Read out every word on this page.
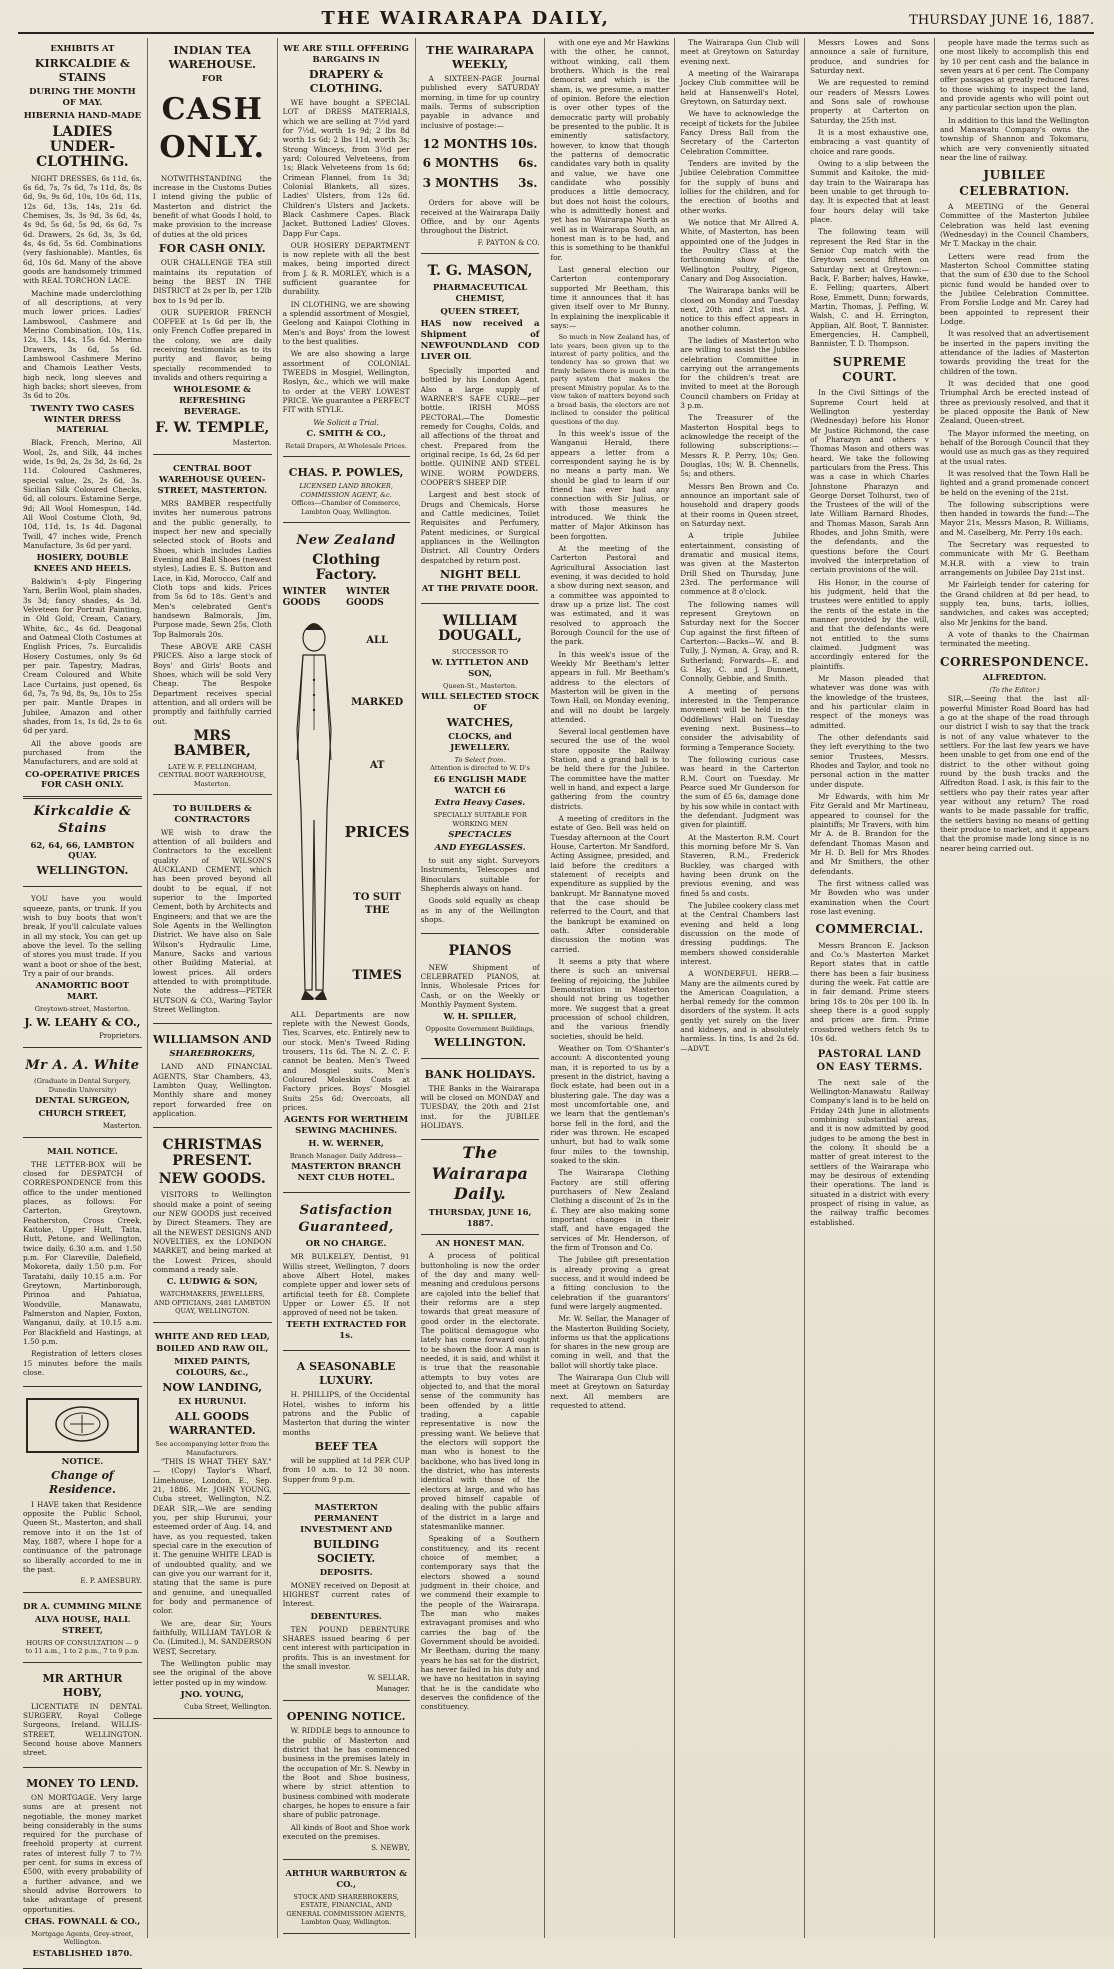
THE WAIRARAPA DAILY,	THURSDAY JUNE 16, 1887.
EXHIBITS AT
KIRKCALDIE & STAINS
DURING THE MONTH OF MAY.
HIBERNIA HAND-MADE
LADIES UNDER-CLOTHING.

NIGHT DRESSES, 6s 11d, 6s, 6s 6d, 7s, 7s 6d, 7s 11d, 8s, 8s 6d, 9s, 9s 6d, 10s, 10s 6d, 11s, 12s 6d, 13s, 14s, 21s 6d. Chemises, 3s, 3s 9d, 3s 6d, 4s, 4s 9d, 5s 6d, 5s 9d, 6s 6d, 7s 6d. Drawers, 2s 6d, 3s, 3s 6d, 4s, 4s 6d, 5s 6d. Combinations (very fashionable). Mantles, 6s 6d, 10s 6d. Many of the above goods are handsomely trimmed with REAL TORCHON LACE.

Machine made underclothing of all descriptions, at very much lower prices. Ladies' Lambswool, Cashmere and Merino Combination, 10s, 11s, 12s, 13s, 14s, 15s 6d. Merino Drawers, 3s 6d, 5s 6d. Lambswool Cashmere Merino and Chamois Leather Vests, high neck, long sleeves and high backs; short sleeves, from 3s 6d to 20s.

TWENTY TWO CASES WINTER DRESS MATERIAL

Black, French, Merino, All Wool, 2s, and Silk, 44 inches wide, 1s 9d, 2s, 2s 3d, 2s 6d, 2s 11d. Coloured Cashmeres, special value, 2s, 2s 6d, 3s. Sicilian Silk Coloured Checks, 6d, all colours. Estamine Serge, 9d; All Wool Homespun, 14d. All Wool Costume Cloth, 9d, 10d, 11d, 1s, 1s 4d. Dagonal Twill, 47 inches wide, French Manufacture, 3s 6d per yard.

HOSIERY, DOUBLE KNEES AND HEELS.

Baldwin's 4-ply Fingering Yarn, Berlin Wool, plain shades, 3s 3d; fancy shades, 4s 3d. Velveteen for Portrait Painting, in Old Gold, Cream, Canary, White, &c., 4s 6d. Deagonal and Oatmeal Cloth Costumes at English Prices, 7s. Eurcalidis Hosery Costumes, only 9s 6d per pair. Tapestry, Madras, Cream Coloured and White Lace Curtains, just opened, 6s 6d, 7s, 7s 9d, 8s, 9s, 10s to 25s per pair. Mantle Drapes in Jubilee, Amazon and other shades, from 1s, 1s 6d, 2s to 6s 6d per yard.

All the above goods are purchased from the Manufacturers, and are sold at

CO-OPERATIVE PRICES FOR CASH ONLY.
Kirkcaldie & Stains
62, 64, 66, LAMBTON QUAY.
WELLINGTON.

YOU have you would squeeze, pants, or trunk. If you wish to buy boots that won't break, If you'll calculate values in all my stock, You can get up above the level. To the selling of stores you must trade. If you want a boot or shoe of the best, Try a pair of our brands.

ANAMORTIC BOOT MART.
Greytown-street, Masterton.
J. W. LEAHY & CO.,
Proprietors.
Mr A. A. White
(Graduate in Dental Surgery, Dunedin University)
DENTAL SURGEON,
CHURCH STREET,
Masterton.
MAIL NOTICE.

THE LETTER-BOX will be closed for DESPATCH of CORRESPONDENCE from this office to the under mentioned places, as follows: For Carterton, Greytown, Featherston, Cross Creek, Kaitoke, Upper Hutt, Taita, Hutt, Petone, and Wellington, twice daily, 6.30 a.m. and 1.50 p.m. For Clareville, Dalefield, Mokoreta, daily 1.50 p.m. For Taratahi, daily 10.15 a.m. For Greytown, Martinborough, Pirinoa and Pahiatua, Woodville, Manawatu, Palmerston and Napier, Foxton, Wanganui, daily, at 10.15 a.m. For Blackfield and Hastings, at 1.50 p.m.

Registration of letters closes 15 minutes before the mails close.

NOTICE.
Change of Residence.

I HAVE taken that Residence opposite the Public School, Queen St., Masterton, and shall remove into it on the 1st of May, 1887, where I hope for a continuance of the patronage so liberally accorded to me in the past.

E. P. AMESBURY.
DR A. CUMMING MILNE
ALVA HOUSE, HALL STREET,
HOURS OF CONSULTATION — 9 to 11 a.m., 1 to 2 p.m., 7 to 9 p.m.
MR ARTHUR HOBY,

LICENTIATE IN DENTAL SURGERY, Royal College Surgeons, Ireland. WILLIS-STREET, WELLINGTON. Second house above Manners street.

MONEY TO LEND.

ON MORTGAGE. Very large sums are at present not negotiable, the money market being considerably in the sums required for the purchase of freehold property at current rates of interest fully 7 to 7½ per cent. for sums in excess of £500, with every probability of a further advance, and we should advise Borrowers to take advantage of present opportunities.

CHAS. FOWNALL & CO.,
Mortgage Agents, Grey-street, Wellington.
ESTABLISHED 1870.
INDIAN TEA WAREHOUSE.
FOR
CASH ONLY.

NOTWITHSTANDING the increase in the Customs Duties I intend giving the public of Masterton and district the benefit of what Goods I hold, to make provision to the increase of duties at the old prices

FOR CASH ONLY.

OUR CHALLENGE TEA still maintains its reputation of being the BEST IN THE DISTRICT at 2s per lb, per 12lb box to 1s 9d per lb.

OUR SUPERIOR FRENCH COFFEE at 1s 6d per lb, the only French Coffee prepared in the colony, we are daily receiving testimonials as to its purity and flavor, being specially recommended to invalids and others requiring a

WHOLESOME & REFRESHING BEVERAGE.
F. W. TEMPLE,
Masterton.
CENTRAL BOOT WAREHOUSE QUEEN-STREET, MASTERTON.

MRS BAMBER respectfully invites her numerous patrons and the public generally, to inspect her new and specially selected stock of Boots and Shoes, which includes Ladies Evening and Ball Shoes (newest styles), Ladies E. S. Button and Lace, in Kid, Morocco, Calf and Cloth tops and kids. Prices from 5s 6d to 18s. Gent's and Men's celebrated Gent's handsewn Balmorals, Jim, Purpose made, Sewn 25s, Cloth Top Balmorals 20s.

These ABOVE ARE CASH PRICES. Also a large stock of Boys' and Girls' Boots and Shoes, which will be sold Very Cheap. The Bespoke Department receives special attention, and all orders will be promptly and faithfully carried out.

MRS BAMBER,
LATE W. F. FELLINGHAM, CENTRAL BOOT WAREHOUSE, Masterton.
TO BUILDERS & CONTRACTORS

WE wish to draw the attention of all builders and Contractors to the excellent quality of WILSON'S AUCKLAND CEMENT, which has been proved beyond all doubt to be equal, if not superior to the Imported Cement, both by Architects and Engineers; and that we are the Sole Agents in the Wellington District. We have also on Sale Wilson's Hydraulic Lime, Manure, Sacks and various other Building Material, at lowest prices. All orders attended to with promptitude. Note the address—PETER HUTSON & CO., Waring Taylor Street Wellington.

WILLIAMSON AND
SHAREBROKERS,

LAND AND FINANCIAL AGENTS, Star Chambers, 43, Lambton Quay, Wellington. Monthly share and money report forwarded free on application.

CHRISTMAS PRESENT.
NEW GOODS.

VISITORS to Wellington should make a point of seeing our NEW GOODS just received by Direct Steamers. They are all the NEWEST DESIGNS AND NOVELTIES, ex the LONDON MARKET, and being marked at the Lowest Prices, should command a ready sale.

C. LUDWIG & SON,
WATCHMAKERS, JEWELLERS, AND OPTICIANS, 2481 LAMBTON QUAY, WELLINGTON.
WHITE AND RED LEAD,
BOILED AND RAW OIL,
MIXED PAINTS, COLOURS, &c.,
NOW LANDING,
EX HURUNUI.
ALL GOODS WARRANTED.
See accompanying letter from the Manufacturers.

"THIS IS WHAT THEY SAY." — (Copy) Taylor's Wharf, Limehouse, London, E., Sep. 21, 1886. Mr. JOHN YOUNG, Cuba street, Wellington, N.Z. DEAR SIR,—We are sending you, per ship Hurunui, your esteemed order of Aug. 14, and have, as you requested, taken special care in the execution of it. The genuine WHITE LEAD is of undoubted quality, and we can give you our warrant for it, stating that the same is pure and genuine, and unequalled for body and permanence of color.

We are, dear Sir, Yours faithfully, WILLIAM TAYLOR & Co. (Limited.), M. SANDERSON WEST, Secretary.

The Wellington public may see the original of the above letter posted up in my window.

JNO. YOUNG,
Cuba Street, Wellington.
WE ARE STILL OFFERING BARGAINS IN
DRAPERY & CLOTHING.

WE have bought a SPECIAL LOT of DRESS MATERIALS, which we are selling at 7½d yard for 7½d, worth 1s 9d; 2 lbs 8d worth 1s 6d; 2 lbs 11d, worth 3s; Strong Winceys, from 3½d per yard; Coloured Velveteens, from 1s; Black Velveteens from 1s 6d; Crimean Flannel, from 1s 3d; Colonial Blankets, all sizes. Ladies' Ulsters, from 12s 6d. Children's Ulsters and Jackets. Black Cashmere Capes. Black Jacket. Buttoned Ladies' Gloves. Dapp Fur Caps.

OUR HOSIERY DEPARTMENT is now replete with all the best makes, being imported direct from J. & R. MORLEY, which is a sufficient guarantee for durability.

IN CLOTHING, we are showing a splendid assortment of Mosgiel, Geelong and Kaiapoi Clothing in Men's and Boys' from the lowest to the best qualities.

We are also showing a large assortment of COLONIAL TWEEDS in Mosgiel, Wellington, Roslyn, &c., which we will make to order at the VERY LOWEST PRICE. We guarantee a PERFECT FIT with STYLE.

We Solicit a Trial.
C. SMITH & CO.,
Retail Drapers, At Wholesale Prices.
CHAS. P. POWLES,
LICENSED LAND BROKER, COMMISSION AGENT, &c.
Offices—Chamber of Commerce, Lambton Quay, Wellington.
New Zealand
Clothing Factory.
WINTER GOODS
WINTER GOODS
ALL
MARKED
AT
PRICES
TO SUIT THE
TIMES

ALL Departments are now replete with the Newest Goods, Ties, Scarves, etc. Entirely new to our stock. Men's Tweed Riding trousers, 11s 6d. The N. Z. C. F. cannot be beaten. Men's Tweed and Mosgiel suits. Men's Coloured Moleskin Coats at Factory prices. Boys' Mosgiel Suits 25s 6d; Overcoats, all prices.

AGENTS FOR WERTHEIM SEWING MACHINES.
H. W. WERNER,
Branch Manager. Daily Address—
MASTERTON BRANCH NEXT CLUB HOTEL.
Satisfaction Guaranteed,
OR NO CHARGE.

MR BULKELEY, Dentist, 91 Willis street, Wellington, 7 doors above Albert Hotel, makes complete upper and lower sets of artificial teeth for £8. Complete Upper or Lower £5. If not approved of need not be taken.

TEETH EXTRACTED FOR 1s.
A SEASONABLE LUXURY.

H. PHILLIPS, of the Occidental Hotel, wishes to inform his patrons and the Public of Masterton that during the winter months

BEEF TEA

will be supplied at 1d PER CUP from 10 a.m. to 12 30 noon. Supper from 9 p.m.

MASTERTON PERMANENT INVESTMENT AND
BUILDING SOCIETY.
DEPOSITS.

MONEY received on Deposit at HIGHEST current rates of Interest.

DEBENTURES.

TEN POUND DEBENTURE SHARES issued bearing 6 per cent interest with participation in profits. This is an investment for the small investor.

W. SELLAR,
Manager.
OPENING NOTICE.

W. RIDDLE begs to announce to the public of Masterton and district that he has commenced business in the premises lately in the occupation of Mr. S. Newby in the Boot and Shoe business, where by strict attention to business combined with moderate charges, he hopes to ensure a fair share of public patronage.

All kinds of Boot and Shoe work executed on the premises.

S. NEWBY,
ARTHUR WARBURTON & CO.,
STOCK AND SHAREBROKERS, ESTATE, FINANCIAL, AND GENERAL COMMISSION AGENTS, Lambton Quay, Wellington.
THE WAIRARAPA WEEKLY,

A SIXTEEN-PAGE Journal published every SATURDAY morning, in time for up country mails. Terms of subscription payable in advance and inclusive of postage:—

12 MONTHS	10s.
6 MONTHS	6s.
3 MONTHS	3s.

Orders for above will be received at the Wairarapa Daily Office, and by our Agents throughout the District.

F. PAYTON & CO.
T. G. MASON,
PHARMACEUTICAL CHEMIST,
QUEEN STREET,

HAS now received a Shipment of NEWFOUNDLAND COD LIVER OIL

Specially imported and bottled by his London Agent. Also a large supply of WARNER'S SAFE CURE—per bottle. IRISH MOSS PECTORAL—The Domestic remedy for Coughs, Colds, and all affections of the throat and chest. Prepared from the original recipe, 1s 6d, 2s 6d per bottle. QUININE AND STEEL WINE. WORM POWDERS. COOPER'S SHEEP DIP.

Largest and best stock of Drugs and Chemicals, Horse and Cattle medicines, Toilet Requisites and Perfumery, Patent medicines, or Surgical appliances in the Wellington District. All Country Orders despatched by return post.

NIGHT BELL
AT THE PRIVATE DOOR.
WILLIAM DOUGALL,
SUCCESSOR TO
W. LYTTLETON AND SON,
Queen-St., Masterton.
WILL SELECTED STOCK OF
WATCHES,
CLOCKS, and JEWELLERY.
To Select from.
Attention is directed to W. D's
£6 ENGLISH MADE WATCH £6
Extra Heavy Cases.
SPECIALLY SUITABLE FOR WORKING MEN
SPECTACLES
AND EYEGLASSES.

to suit any sight. Surveyors Instruments, Telescopes and Binoculars suitable for Shepherds always on hand.

Goods sold equally as cheap as in any of the Wellington shops.

PIANOS

NEW Shipment of CELEBRATED PIANOS, at Innis, Wholesale Prices for Cash, or on the Weekly or Monthly Payment System.

W. H. SPILLER,
Opposite Government Buildings,
WELLINGTON.
BANK HOLIDAYS.

THE Banks in the Wairarapa will be closed on MONDAY and TUESDAY, the 20th and 21st inst. for the JUBILEE HOLIDAYS.

The Wairarapa Daily.
THURSDAY, JUNE 16, 1887.
AN HONEST MAN.

A process of political buttonholing is now the order of the day and many well-meaning and credulous persons are cajoled into the belief that their reforms are a step towards that great measure of good order in the electorate. The political demagogue who lately has come forward ought to be shown the door. A man is needed, it is said, and whilst it is true that the reasonable attempts to buy votes are objected to, and that the moral sense of the community has been offended by a little trading, a capable representative is now the pressing want. We believe that the electors will support the man who is honest to the backbone, who has lived long in the district, who has interests identical with those of the electors at large, and who has proved himself capable of dealing with the public affairs of the district in a large and statesmanlike manner.

Speaking of a Southern constituency, and its recent choice of member, a contemporary says that the electors showed a sound judgment in their choice, and we commend their example to the people of the Wairarapa. The man who makes extravagant promises and who carries the bag of the Government should be avoided. Mr Beetham, during the many years he has sat for the district, has never failed in his duty and we have no hesitation in saying that he is the candidate who deserves the confidence of the constituency.

with one eye and Mr Hawkins with the other, he cannot, without winking, call them brothers. Which is the real democrat and which is the sham, is, we presume, a matter of opinion. Before the election is over other types of the democratic party will probably be presented to the public. It is eminently satisfactory, however, to know that though the patterns of democratic candidates vary both in quality and value, we have one candidate who possibly produces a little democracy, but does not hoist the colours, who is admittedly honest and yet has no Wairarapa North as well as in Wairarapa South, an honest man is to be had, and this is something to be thankful for.

Last general election our Carterton contemporary supported Mr Beetham, this time it announces that it has given itself over to Mr Bunny. In explaining the inexplicable it says:—

So much in New Zealand has, of late years, been given up to the interest of party politics, and the tendency has so grown that we firmly believe there is much in the party system that makes the present Ministry popular. As to the view taken of matters beyond such a broad basis, the electors are not inclined to consider the political questions of the day.

In this week's issue of the Wanganui Herald, there appears a letter from a correspondent saying he is by no means a party man. We should be glad to learn if our friend has ever had any connection with Sir Julius, or with those measures he introduced. We think the matter of Major Atkinson has been forgotten.

At the meeting of the Carterton Pastoral and Agricultural Association last evening, it was decided to hold a show during next season, and a committee was appointed to draw up a prize list. The cost was estimated, and it was resolved to approach the Borough Council for the use of the park.

In this week's issue of the Weekly Mr Beetham's letter appears in full. Mr Beetham's address to the electors of Masterton will be given in the Town Hall, on Monday evening, and will no doubt be largely attended.

Several local gentlemen have secured the use of the wool store opposite the Railway Station, and a grand ball is to be held there for the Jubilee. The committee have the matter well in hand, and expect a large gathering from the country districts.

A meeting of creditors in the estate of Geo. Bell was held on Tuesday afternoon at the Court House, Carterton. Mr Sandford, Acting Assignee, presided, and laid before the creditors a statement of receipts and expenditure as supplied by the bankrupt. Mr Bannatyne moved that the case should be referred to the Court, and that the bankrupt be examined on oath. After considerable discussion the motion was carried.

It seems a pity that where there is such an universal feeling of rejoicing, the Jubilee Demonstration in Masterton should not bring us together more. We suggest that a great procession of school children, and the various friendly societies, should be held.

Weather on Tom O'Shanter's account: A discontented young man, it is reported to us by a present in the district, having a flock estate, had been out in a blustering gale. The day was a most uncomfortable one, and we learn that the gentleman's horse fell in the ford, and the rider was thrown. He escaped unhurt, but had to walk some four miles to the township, soaked to the skin.

The Wairarapa Clothing Factory are still offering purchasers of New Zealand Clothing a discount of 2s in the £. They are also making some important changes in their staff, and have engaged the services of Mr. Henderson, of the firm of Tronson and Co.

The Jubilee gift presentation is already proving a great success, and it would indeed be a fitting conclusion to the celebration if the guarantors' fund were largely augmented.

Mr. W. Sellar, the Manager of the Masterton Building Society, informs us that the applications for shares in the new group are coming in well, and that the ballot will shortly take place.

The Wairarapa Gun Club will meet at Greytown on Saturday next. All members are requested to attend.

The Wairarapa Gun Club will meet at Greytown on Saturday evening next.

A meeting of the Wairarapa Jockey Club committee will be held at Hansenwell's Hotel, Greytown, on Saturday next.

We have to acknowledge the receipt of tickets for the Jubilee Fancy Dress Ball from the Secretary of the Carterton Celebration Committee.

Tenders are invited by the Jubilee Celebration Committee for the supply of buns and lollies for the children, and for the erection of booths and other works.

We notice that Mr Allred A. White, of Masterton, has been appointed one of the Judges in the Poultry Class at the forthcoming show of the Wellington Poultry, Pigeon, Canary and Dog Association.

The Wairarapa banks will be closed on Monday and Tuesday next, 20th and 21st inst. A notice to this effect appears in another column.

The ladies of Masterton who are willing to assist the Jubilee celebration Committee in carrying out the arrangements for the children's treat are invited to meet at the Borough Council chambers on Friday at 3 p.m.

The Treasurer of the Masterton Hospital begs to acknowledge the receipt of the following subscriptions:—Messrs R. P. Perry, 10s; Geo. Douglas, 10s; W. B. Chennells, 5s; and others.

Messrs Ben Brown and Co. announce an important sale of household and drapery goods at their rooms in Queen street, on Saturday next.

A triple Jubilee entertainment, consisting of dramatic and musical items, was given at the Masterton Drill Shed on Thursday, June 23rd. The performance will commence at 8 o'clock.

The following names will represent Greytown on Saturday next for the Soccer Cup against the first fifteen of Carterton:—Backs—W. and B. Tully, J. Nyman, A. Gray, and R. Sutherland; Forwards—E. and G. Hay, C. and J. Dunnett, Connolly, Gebbie, and Smith.

A meeting of persons interested in the Temperance movement will be held in the Oddfellows' Hall on Tuesday evening next. Business—to consider the advisability of forming a Temperance Society.

The following curious case was heard in the Carterton R.M. Court on Tuesday. Mr Pearce sued Mr Gunderson for the sum of £5 6s, damage done by his sow while in contact with the defendant. Judgment was given for plaintiff.

At the Masterton R.M. Court this morning before Mr S. Van Staveren, R.M., Frederick Buckley, was charged with having been drunk on the previous evening, and was fined 5s and costs.

The Jubilee cookery class met at the Central Chambers last evening and held a long discussion on the mode of dressing puddings. The members showed considerable interest.

A WONDERFUL HERB.—Many are the ailments cured by the American Coagulation, a herbal remedy for the common disorders of the system. It acts gently yet surely on the liver and kidneys, and is absolutely harmless. In tins, 1s and 2s 6d.—ADVT.

Messrs Lowes and Sons announce a sale of furniture, produce, and sundries for Saturday next.

We are requested to remind our readers of Messrs Lowes and Sons sale of rowhouse property at Carterton on Saturday, the 25th inst.

It is a most exhaustive one, embracing a vast quantity of choice and rare goods.

Owing to a slip between the Summit and Kaitoke, the mid-day train to the Wairarapa has been unable to get through to-day. It is expected that at least four hours delay will take place.

The following team will represent the Red Star in the Senior Cup match with the Greytown second fifteen on Saturday next at Greytown:—Back, F. Barber; halves, Hawke, E. Felling; quarters, Albert Rose, Emmett, Dunn; forwards, Martin, Thomas, J. Peffing, W. Walsh, C. and H. Errington, Applian, Alf. Boot, T. Bannister. Emergencies, H. Campbell, Bannister, T. D. Thompson.

SUPREME COURT.

In the Civil Sittings of the Supreme Court held at Wellington yesterday (Wednesday) before his Honor Mr Justice Richmond, the case of Pharazyn and others v Thomas Mason and others was heard. We take the following particulars from the Press. This was a case in which Charles Johnstone Pharazyn and George Dorset Tolhurst, two of the Trustees of the will of the late William Barnard Rhodes, and Thomas Mason, Sarah Ann Rhodes, and John Smith, were the defendants, and the questions before the Court involved the interpretation of certain provisions of the will.

His Honor, in the course of his judgment, held that the trustees were entitled to apply the rents of the estate in the manner provided by the will, and that the defendants were not entitled to the sums claimed. Judgment was accordingly entered for the plaintiffs.

Mr Mason pleaded that whatever was done was with the knowledge of the trustees, and his particular claim in respect of the moneys was admitted.

The other defendants said they left everything to the two senior Trustees, Messrs. Rhodes and Taylor, and took no personal action in the matter under dispute.

Mr Edwards, with him Mr Fitz Gerald and Mr Martineau, appeared to counsel for the plaintiffs; Mr Travers, with him Mr A. de B. Brandon for the defendant Thomas Mason and Mr H. D. Bell for Mrs Rhodes and Mr Smithers, the other defendants.

The first witness called was Mr Bowden who was under examination when the Court rose last evening.

COMMERCIAL.

Messrs Brancon E. Jackson and Co.'s Masterton Market Report states that in cattle there has been a fair business during the week. Fat cattle are in fair demand. Prime steers bring 18s to 20s per 100 lb. In sheep there is a good supply and prices are firm. Prime crossbred wethers fetch 9s to 10s 6d.

PASTORAL LAND ON EASY TERMS.

The next sale of the Wellington-Manawatu Railway Company's land is to be held on Friday 24th June in allotments combining substantial areas, and it is now admitted by good judges to be among the best in the colony. It should be a matter of great interest to the settlers of the Wairarapa who may be desirous of extending their operations. The land is situated in a district with every prospect of rising in value, as the railway traffic becomes established.

people have made the terms such as one most likely to accomplish this end by 10 per cent cash and the balance in seven years at 6 per cent. The Company offer passages at greatly reduced fares to those wishing to inspect the land, and provide agents who will point out any particular section upon the plan.

In addition to this land the Wellington and Manawatu Company's owns the township of Shannon and Tokomaru, which are very conveniently situated near the line of railway.

JUBILEE CELEBRATION.

A MEETING of the General Committee of the Masterton Jubilee Celebration was held last evening (Wednesday) in the Council Chambers, Mr T. Mackay in the chair.

Letters were read from the Masterton School Committee stating that the sum of £30 due to the School picnic fund would be handed over to the Jubilee Celebration Committee. From Forslie Lodge and Mr. Carey had been appointed to represent their Lodge.

It was resolved that an advertisement be inserted in the papers inviting the attendance of the ladies of Masterton towards providing the treat for the children of the town.

It was decided that one good Triumphal Arch be erected instead of three as previously resolved, and that it be placed opposite the Bank of New Zealand, Queen-street.

The Mayor informed the meeting, on behalf of the Borough Council that they would use as much gas as they required at the usual rates.

It was resolved that the Town Hall be lighted and a grand promenade concert be held on the evening of the 21st.

The following subscriptions were then handed in towards the fund:—The Mayor 21s, Messrs Mason, R. Williams, and M. Caselberg, Mr. Perry 10s each.

The Secretary was requested to communicate with Mr G. Beetham M.H.R. with a view to train arrangements on Jubilee Day 21st inst.

Mr Fairleigh tender for catering for the Grand children at 8d per head, to supply tea, buns, tarts, lollies, sandwiches, and cakes was accepted; also Mr Jenkins for the band.

A vote of thanks to the Chairman terminated the meeting.

CORRESPONDENCE.
ALFREDTON.
(To the Editor.)

SIR,—Seeing that the last all-powerful Minister Road Board has had a go at the shape of the road through our district I wish to say that the track is not of any value whatever to the settlers. For the last few years we have been unable to get from one end of the district to the other without going round by the bush tracks and the Alfredton Road. I ask, is this fair to the settlers who pay their rates year after year without any return? The road wants to be made passable for traffic, the settlers having no means of getting their produce to market, and it appears that the promise made long since is no nearer being carried out.
